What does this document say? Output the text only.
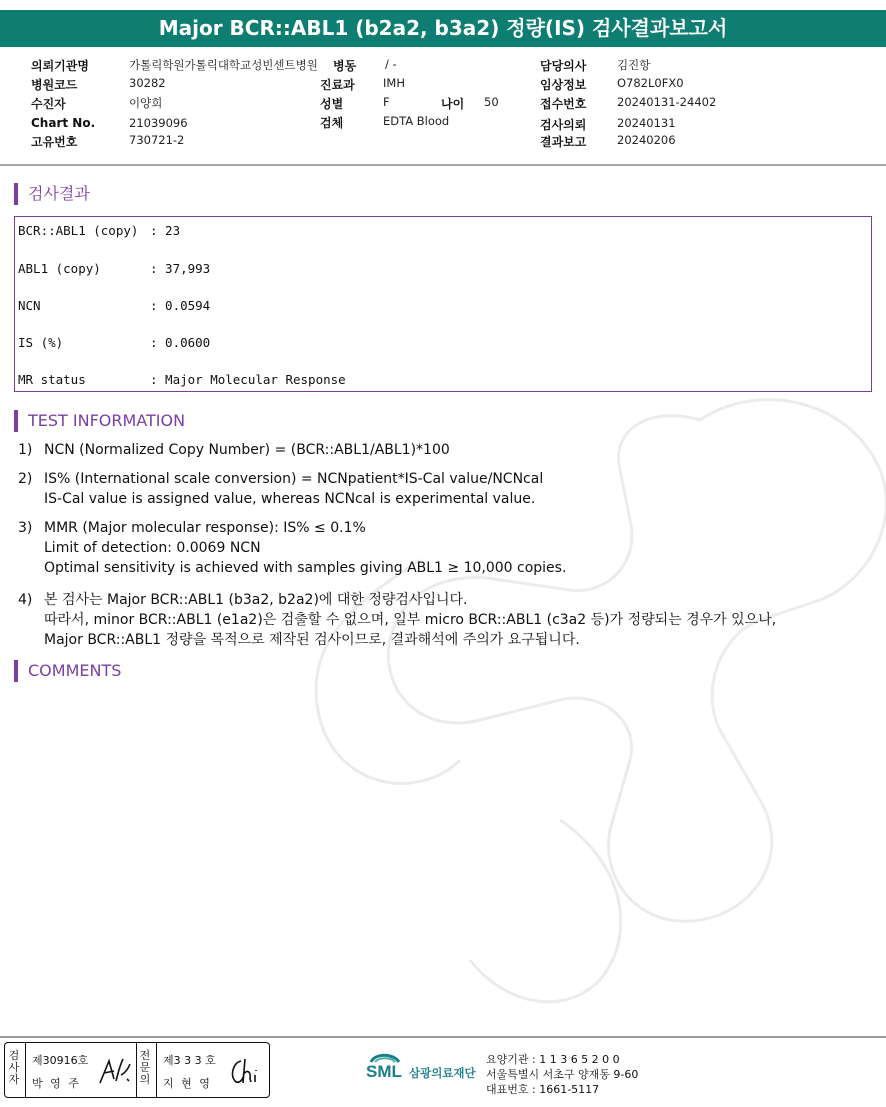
Major BCR::ABL1 (b2a2, b3a2) 정량(IS) 검사결과보고서
의뢰기관명	가톨릭학원가톨릭대학교성빈센트병원 병동	/ -	담당의사	김진항
병원코드	30282	진료과 IMH	임상정보	O782L0FX0
수진자	이양희	성별	F	나이 50	접수번호	20240131-24402
Chart No.	21039096	검체	EDTA Blood	검사의뢰	20240131
고유번호	730721-2	결과보고	20240206
검사결과
BCR::ABL1 (copy) : 23
ABL1 (copy)	: 37,993
NCN	: 0.0594
IS (%)	: 0.0600
MR status	: Major Molecular Response
TEST INFORMATION
1) NCN (Normalized Copy Number) = (BCR::ABL1/ABL1)*100
2) IS% (International scale conversion) = NCNpatient*IS-Cal value/NCNcal
IS-Cal value is assigned value, whereas NCNcal is experimental value.
3) MMR (Major molecular response): IS% ≤ 0.1%
Limit of detection: 0.0069 NCN
Optimal sensitivity is achieved with samples giving ABL1 ≥ 10,000 copies.
4) 본 검사는 Major BCR::ABL1 (b3a2, b2a2)에 대한 정량검사입니다.
따라서, minor BCR::ABL1 (e1a2)은 검출할 수 없으며, 일부 micro BCR::ABL1 (c3a2 등)가 정량되는 경우가 있으나,
Major BCR::ABL1 정량을 목적으로 제작된 검사이므로, 결과해석에 주의가 요구됩니다.
COMMENTS
검
사
자
제30916호
박 영 주
전
문
의
제3 3 3 호
지 현 영
SML 삼광의료재단
요양기관 : 1 1 3 6 5 2 0 0
서울특별시 서초구 양재동 9-60
대표번호 : 1661-5117
